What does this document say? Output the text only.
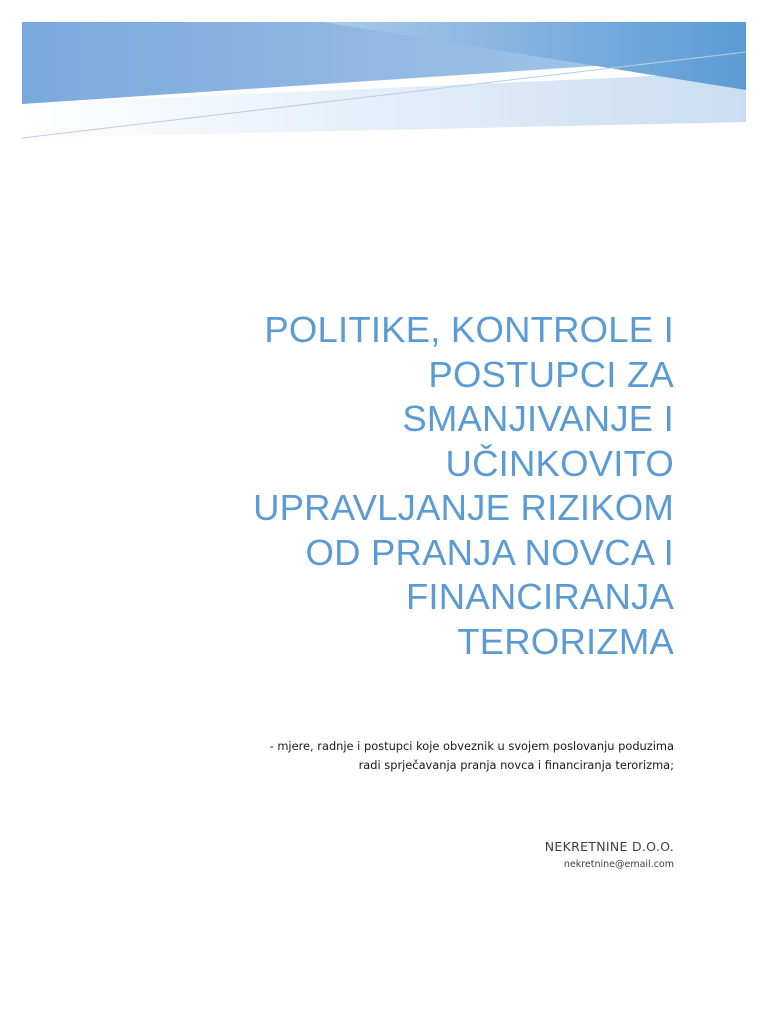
POLITIKE, KONTROLE I
POSTUPCI ZA
SMANJIVANJE I
UČINKOVITO
UPRAVLJANJE RIZIKOM
OD PRANJA NOVCA I
FINANCIRANJA
TERORIZMA

- mjere, radnje i postupci koje obveznik u svojem poslovanju poduzima
radi sprječavanja pranja novca i financiranja terorizma;

NEKRETNINE D.O.O.

nekretnine@email.com
